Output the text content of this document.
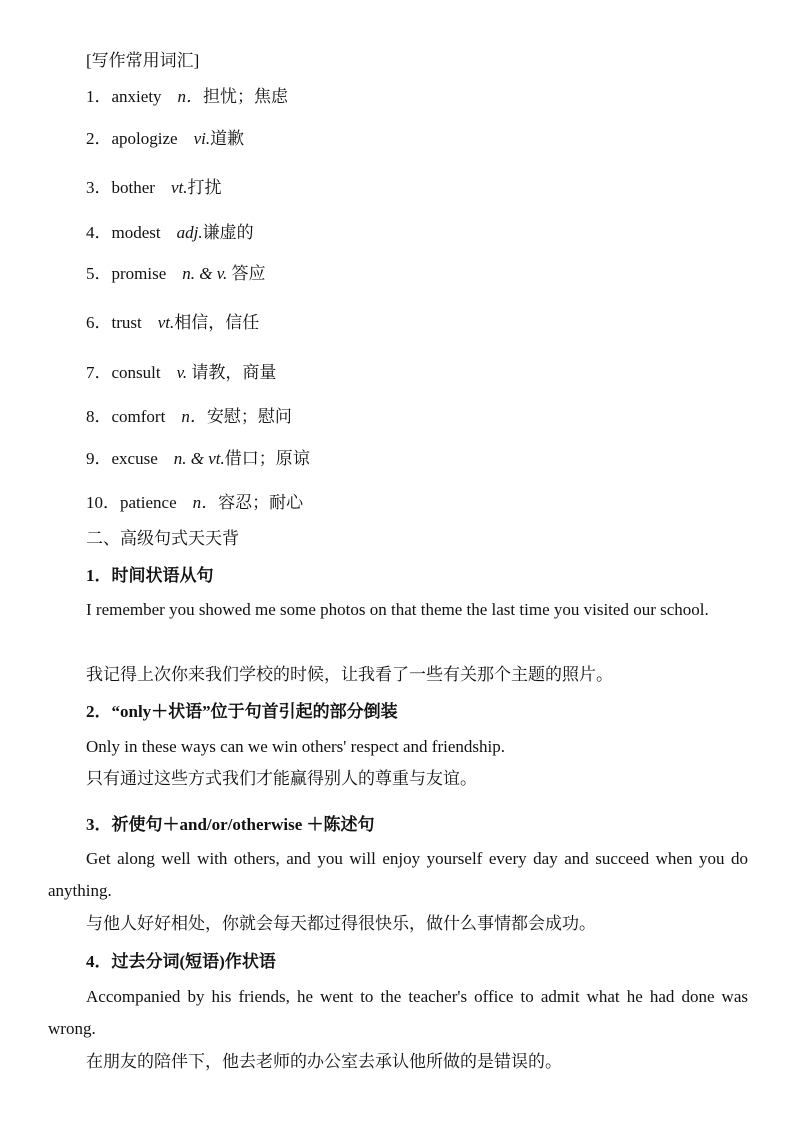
[写作常用词汇]
1．anxiety n．担忧；焦虑
2．apologize vi.道歉
3．bother vt.打扰
4．modest adj.谦虚的
5．promise n. & v. 答应
6．trust vt.相信，信任
7．consult v. 请教，商量
8．comfort n．安慰；慰问
9．excuse n. & vt.借口；原谅
10．patience n．容忍；耐心
二、高级句式天天背
1．时间状语从句
I remember you showed me some photos on that theme the last time you visited our school.
我记得上次你来我们学校的时候，让我看了一些有关那个主题的照片。
2．“only＋状语”位于句首引起的部分倒装
Only in these ways can we win others' respect and friendship.
只有通过这些方式我们才能赢得别人的尊重与友谊。
3．祈使句＋and/or/otherwise ＋陈述句
Get along well with others, and you will enjoy yourself every day and succeed when you do anything.
与他人好好相处，你就会每天都过得很快乐，做什么事情都会成功。
4．过去分词(短语)作状语
Accompanied by his friends, he went to the teacher's office to admit what he had done was wrong.
在朋友的陪伴下，他去老师的办公室去承认他所做的是错误的。
